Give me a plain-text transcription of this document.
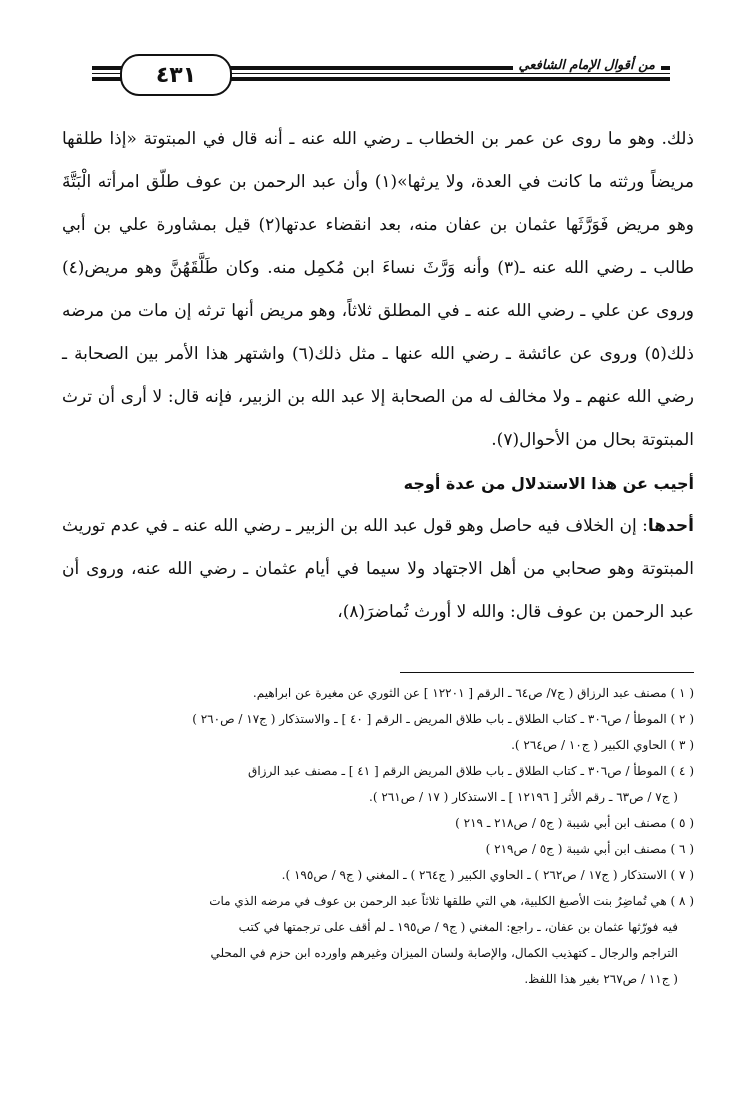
٤٣١	من أقوال الإمام الشافعي

ذلك. وهو ما روى عن عمر بن الخطاب ـ رضي الله عنه ـ أنه قال في المبتوتة «إذا طلقها مريضاً ورثته ما كانت في العدة، ولا يرثها»(١) وأن عبد الرحمن بن عوف طلّق امرأته الْبَتَّةَ وهو مريض فَوَرَّثَها عثمان بن عفان منه، بعد انقضاء عدتها(٢) قيل بمشاورة علي بن أبي طالب ـ رضي الله عنه ـ(٣) وأنه وَرَّثَ نساءَ ابن مُكمِل منه. وكان طَلَّقَهُنَّ وهو مريض(٤) وروى عن علي ـ رضي الله عنه ـ في المطلق ثلاثاً، وهو مريض أنها ترثه إن مات من مرضه ذلك(٥) وروى عن عائشة ـ رضي الله عنها ـ مثل ذلك(٦) واشتهر هذا الأمر بين الصحابة ـ رضي الله عنهم ـ ولا مخالف له من الصحابة إلا عبد الله بن الزبير، فإنه قال: لا أرى أن ترث المبتوتة بحال من الأحوال(٧).

أجيب عن هذا الاستدلال من عدة أوجه

أحدها: إن الخلاف فيه حاصل وهو قول عبد الله بن الزبير ـ رضي الله عنه ـ في عدم توريث المبتوتة وهو صحابي من أهل الاجتهاد ولا سيما في أيام عثمان ـ رضي الله عنه، وروى أن عبد الرحمن بن عوف قال: والله لا أورث تُماضرَ(٨)،

( ١ ) مصنف عبد الرزاق ( ج٧/ ص٦٤ ـ الرقم [ ١٢٢٠١ ] عن الثوري عن مغيرة عن ابراهيم.

( ٢ ) الموطأ / ص٣٠٦ ـ كتاب الطلاق ـ باب طلاق المريض ـ الرقم [ ٤٠ ] ـ والاستذكار ( ج١٧ / ص٢٦٠ )

( ٣ ) الحاوي الكبير ( ج١٠ / ص٢٦٤ ).

( ٤ ) الموطأ / ص٣٠٦ ـ كتاب الطلاق ـ باب طلاق المريض الرقم [ ٤١ ] ـ مصنف عبد الرزاق

( ج٧ / ص٦٣ ـ رقم الأثر [ ١٢١٩٦ ] ـ الاستذكار ( ١٧ / ص٢٦١ ).

( ٥ ) مصنف ابن أبي شيبة ( ج٥ / ص٢١٨ ـ ٢١٩ )

( ٦ ) مصنف ابن أبي شيبة ( ج٥ / ص٢١٩ )

( ٧ ) الاستذكار ( ج١٧ / ص٢٦٢ ) ـ الحاوي الكبير ( ج٢٦٤ ) ـ المغني ( ج٩ / ص١٩٥ ).

( ٨ ) هي تُماضِرُ بنت الأصبغ الكلبية، هي التي طلقها ثلاثاً عبد الرحمن بن عوف في مرضه الذي مات

فيه فورّثها عثمان بن عفان، ـ راجع: المغني ( ج٩ / ص١٩٥ ـ لم أقف على ترجمتها في كتب

التراجم والرجال ـ كتهذيب الكمال، والإصابة ولسان الميزان وغيرهم واورده ابن حزم في المحلي

( ج١١ / ص٢٦٧ بغير هذا اللفظ.
